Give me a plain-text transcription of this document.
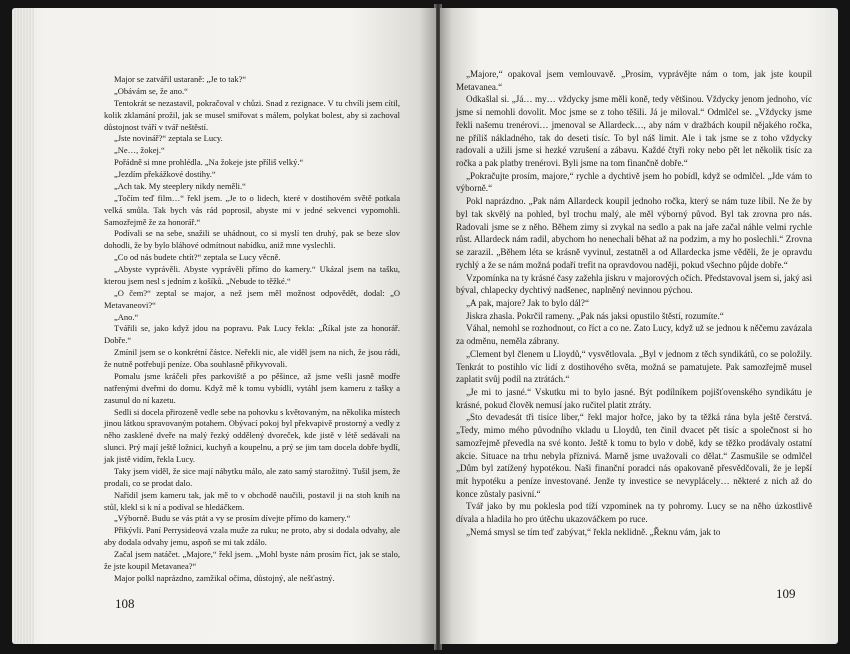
Major se zatvářil ustaraně: „Je to tak?“

„Obávám se, že ano.“

Tentokrát se nezastavil, pokračoval v chůzi. Snad z rezignace. V tu chvíli jsem cítil, kolik zklamání prožil, jak se musel smiřovat s málem, polykat bolest, aby si zachoval důstojnost tváří v tvář neštěstí.

„Jste novinář?“ zeptala se Lucy.

„Ne…, žokej.“

Pořádně si mne prohlédla. „Na žokeje jste příliš velký.“

„Jezdím překážkové dostihy.“

„Ach tak. My steeplery nikdy neměli.“

„Točím teď film…“ řekl jsem. „Je to o lidech, které v dostihovém světě potkala velká smůla. Tak bych vás rád poprosil, abyste mi v jedné sekvenci vypomohli. Samozřejmě že za honorář.“

Podívali se na sebe, snažili se uhádnout, co si myslí ten druhý, pak se beze slov dohodli, že by bylo bláhové odmítnout nabídku, aniž mne vyslechli.

„Co od nás budete chtít?“ zeptala se Lucy věcně.

„Abyste vyprávěli. Abyste vyprávěli přímo do kamery.“ Ukázal jsem na tašku, kterou jsem nesl s jedním z košíků. „Nebude to těžké.“

„O čem?“ zeptal se major, a než jsem měl možnost odpovědět, dodal: „O Metavaneovi?“

„Ano.“

Tvářili se, jako když jdou na popravu. Pak Lucy řekla: „Říkal jste za honorář. Dobře.“

Zmínil jsem se o konkrétní částce. Neřekli nic, ale viděl jsem na nich, že jsou rádi, že nutně potřebují peníze. Oba souhlasně přikyvovali.

Pomalu jsme kráčeli přes parkoviště a po pěšince, až jsme vešli jasně modře natřenými dveřmi do domu. Když mě k tomu vybídli, vytáhl jsem kameru z tašky a zasunul do ní kazetu.

Sedli si docela přirozeně vedle sebe na pohovku s květovaným, na několika místech jinou látkou spravovaným potahem. Obývací pokoj byl překvapivě prostorný a vedly z něho zasklené dveře na malý řezký oddělený dvoreček, kde jistě v létě sedávali na slunci. Prý mají ještě ložnici, kuchyň a koupelnu, a prý se jim tam docela dobře bydlí, jak jistě vidím, řekla Lucy.

Taky jsem viděl, že sice mají nábytku málo, ale zato samý starožitný. Tušil jsem, že prodali, co se prodat dalo.

Nařídil jsem kameru tak, jak mě to v obchodě naučili, postavil ji na stoh knih na stůl, klekl si k ní a podíval se hledáčkem.

„Výborně. Budu se vás ptát a vy se prosím dívejte přímo do kamery.“

Přikývli. Paní Perrysideová vzala muže za ruku; ne proto, aby si dodala odvahy, ale aby dodala odvahy jemu, aspoň se mi tak zdálo.

Začal jsem natáčet. „Majore,“ řekl jsem. „Mohl byste nám prosím říct, jak se stalo, že jste koupil Metavanea?“

Major polkl naprázdno, zamžikal očima, důstojný, ale nešťastný.

108

„Majore,“ opakoval jsem vemlouvavě. „Prosím, vyprávějte nám o tom, jak jste koupil Metavanea.“

Odkašlal si. „Já… my… vždycky jsme měli koně, tedy většinou. Vždycky jenom jednoho, víc jsme si nemohli dovolit. Moc jsme se z toho těšili. Já je miloval.“ Odmlčel se. „Vždycky jsme řekli našemu trenérovi… jmenoval se Allardeck…, aby nám v dražbách koupil nějakého ročka, ne příliš nákladného, tak do deseti tisíc. To byl náš limit. Ale i tak jsme se z toho vždycky radovali a užili jsme si hezké vzrušení a zábavu. Každé čtyři roky nebo pět let několik tisíc za ročka a pak platby trenérovi. Byli jsme na tom finančně dobře.“

„Pokračujte prosím, majore,“ rychle a dychtivě jsem ho pobídl, když se odmlčel. „Jde vám to výborně.“

Pokl naprázdno. „Pak nám Allardeck koupil jednoho ročka, který se nám tuze líbil. Ne že by byl tak skvělý na pohled, byl trochu malý, ale měl výborný původ. Byl tak zrovna pro nás. Radovali jsme se z něho. Během zimy si zvykal na sedlo a pak na jaře začal náhle velmi rychle růst. Allardeck nám radil, abychom ho nenechali běhat až na podzim, a my ho poslechli.“ Zrovna se zarazil. „Během léta se krásně vyvinul, zestatněl a od Allardecka jsme věděli, že je opravdu rychlý a že se nám možná podaří trefit na opravdovou naději, pokud všechno půjde dobře.“

Vzpomínka na ty krásné časy zažehla jiskru v majorových očích. Představoval jsem si, jaký asi býval, chlapecky dychtivý nadšenec, naplněný nevinnou pýchou.

„A pak, majore? Jak to bylo dál?“

Jiskra zhasla. Pokrčil rameny. „Pak nás jaksi opustilo štěstí, rozumíte.“

Váhal, nemohl se rozhodnout, co říct a co ne. Zato Lucy, když už se jednou k něčemu zavázala za odměnu, neměla zábrany.

„Clement byl členem u Lloydů,“ vysvětlovala. „Byl v jednom z těch syndikátů, co se položily. Tenkrát to postihlo víc lidí z dostihového světa, možná se pamatujete. Pak samozřejmě musel zaplatit svůj podíl na ztrátách.“

„Je mi to jasné.“ Vskutku mi to bylo jasné. Být podílníkem pojišťovenského syndikátu je krásné, pokud člověk nemusí jako ručitel platit ztráty.

„Sto devadesát tři tisíce liber,“ řekl major hořce, jako by ta těžká rána byla ještě čerstvá. „Tedy, mimo mého původního vkladu u Lloydů, ten činil dvacet pět tisíc a společnost si ho samozřejmě převedla na své konto. Ještě k tomu to bylo v době, kdy se těžko prodávaly ostatní akcie. Situace na trhu nebyla příznivá. Marně jsme uvažovali co dělat.“ Zasmušile se odmlčel „Dům byl zatížený hypotékou. Naši finanční poradci nás opakovaně přesvědčovali, že je lepší mít hypotéku a peníze investované. Jenže ty investice se nevyplácely… některé z nich až do konce zůstaly pasivní.“

Tvář jako by mu poklesla pod tíží vzpomínek na ty pohromy. Lucy se na něho úzkostlivě dívala a hladila ho pro útěchu ukazováčkem po ruce.

„Nemá smysl se tím teď zabývat,“ řekla neklidně. „Řeknu vám, jak to

109
